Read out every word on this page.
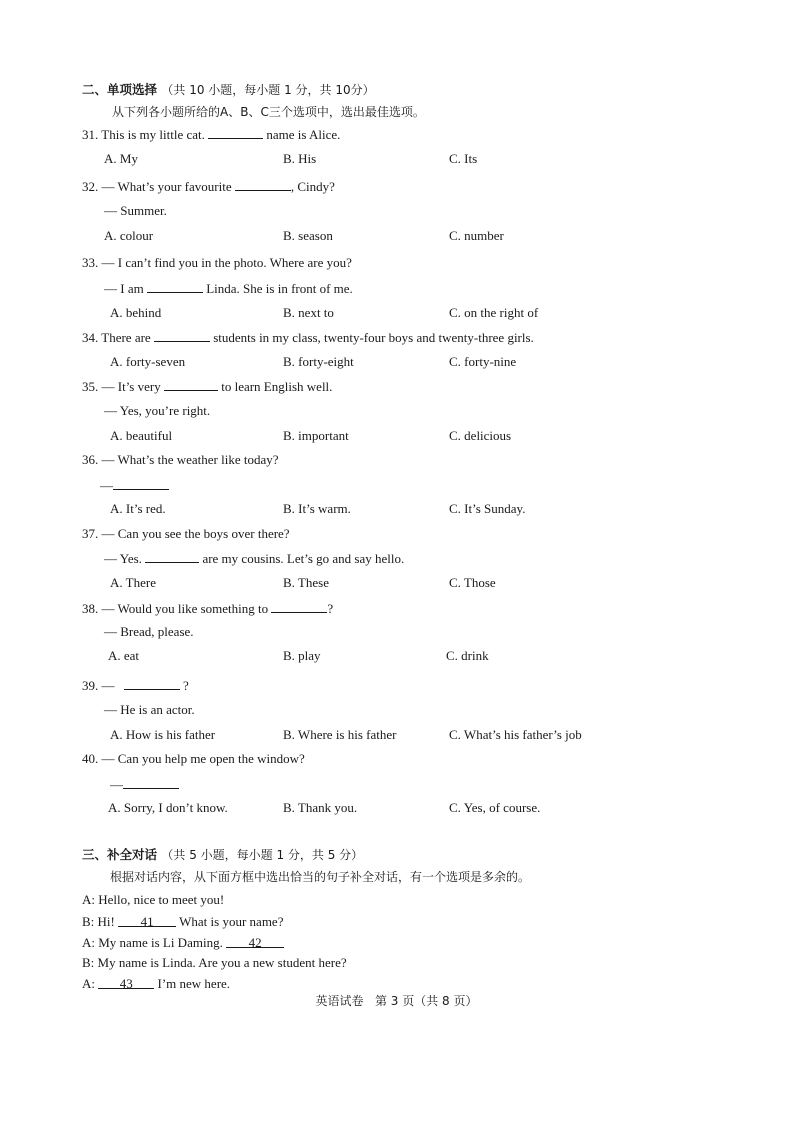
二、单项选择 （共 10 小题，每小题 1 分，共 10分）
从下列各小题所给的A、B、C三个选项中，选出最佳选项。
31. This is my little cat.	name is Alice.
A. My	B. His	C. Its
32. — What’s your favourite	, Cindy?
— Summer.
A. colour	B. season	C. number
33. — I can’t find you in the photo. Where are you?
— I am	Linda. She is in front of me.
A. behind	B. next to	C. on the right of
34. There are	students in my class, twenty-four boys and twenty-three girls.
A. forty-seven	B. forty-eight	C. forty-nine
35. — It’s very	to learn English well.
— Yes, you’re right.
A. beautiful	B. important	C. delicious
36. — What’s the weather like today?
—
A. It’s red.	B. It’s warm.	C. It’s Sunday.
37. — Can you see the boys over there?
— Yes.	are my cousins. Let’s go and say hello.
A. There	B. These	C. Those
38. — Would you like something to	?
— Bread, please.
A. eat	B. play	C. drink
39. —	?
— He is an actor.
A. How is his father	B. Where is his father	C. What’s his father’s job
40. — Can you help me open the window?
—
A. Sorry, I don’t know.	B. Thank you.	C. Yes, of course.
三、补全对话 （共 5 小题，每小题 1 分，共 5 分）
根据对话内容，从下面方框中选出恰当的句子补全对话，有一个选项是多余的。
A: Hello, nice to meet you!
B: Hi! 41 What is your name?
A: My name is Li Daming. 42
B: My name is Linda. Are you a new student here?
A: 43 I’m new here.
英语试卷   第 3 页（共 8 页）
